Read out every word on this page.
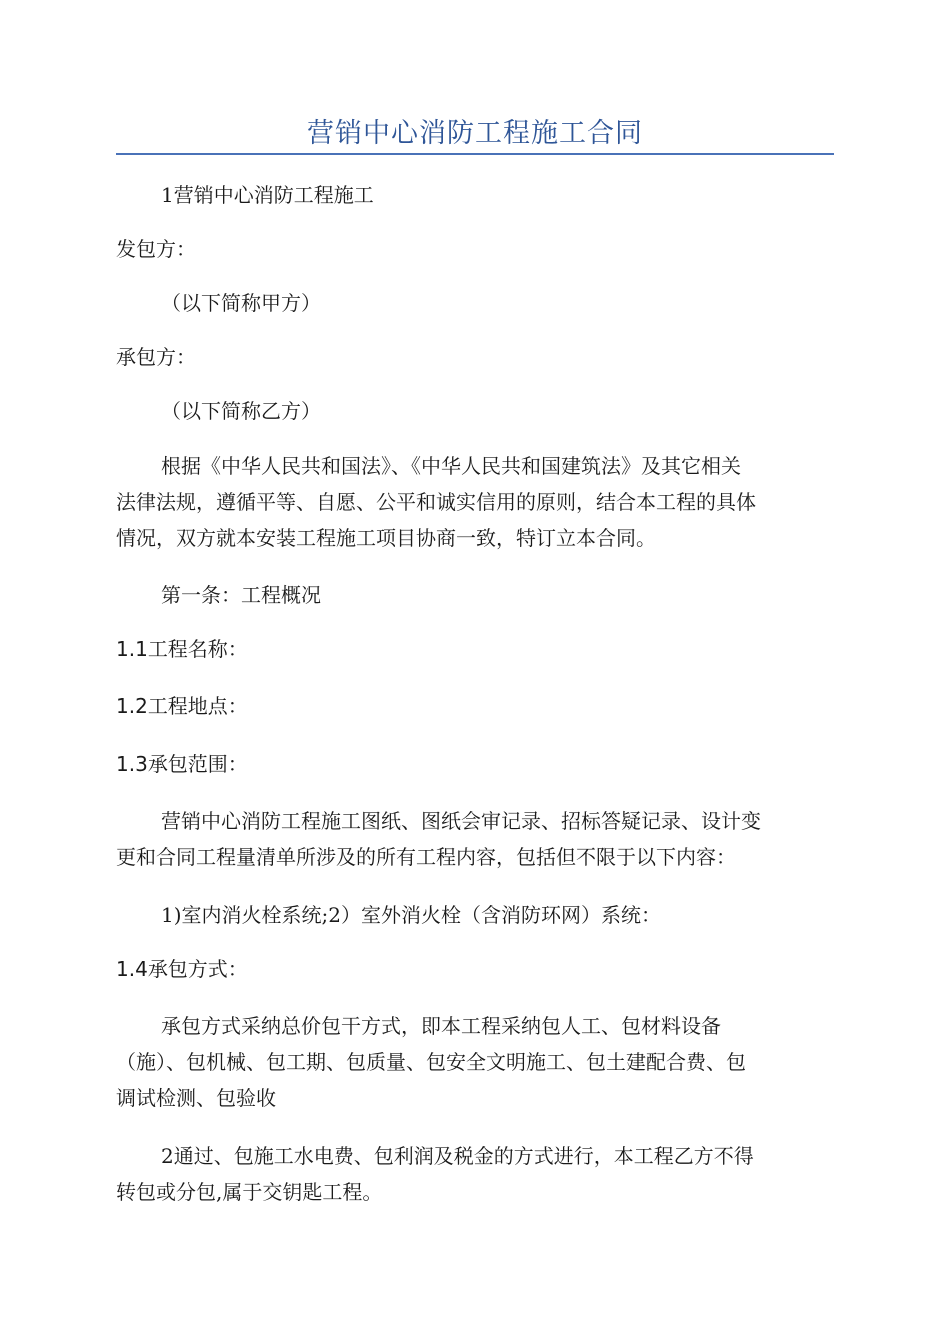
营销中心消防工程施工合同

1营销中心消防工程施工

发包方：

（以下简称甲方）

承包方：

（以下简称乙方）

根据《中华人民共和国法》、《中华人民共和国建筑法》及其它相关
法律法规，遵循平等、自愿、公平和诚实信用的原则，结合本工程的具体
情况，双方就本安装工程施工项目协商一致，特订立本合同。

第一条：工程概况

1.1工程名称：

1.2工程地点：

1.3承包范围：

营销中心消防工程施工图纸、图纸会审记录、招标答疑记录、设计变
更和合同工程量清单所涉及的所有工程内容，包括但不限于以下内容：

1)室内消火栓系统;2）室外消火栓（含消防环网）系统：

1.4承包方式：

承包方式采纳总价包干方式，即本工程采纳包人工、包材料设备
（施）、包机械、包工期、包质量、包安全文明施工、包土建配合费、包
调试检测、包验收
2通过、包施工水电费、包利润及税金的方式进行，本工程乙方不得
转包或分包,属于交钥匙工程。
